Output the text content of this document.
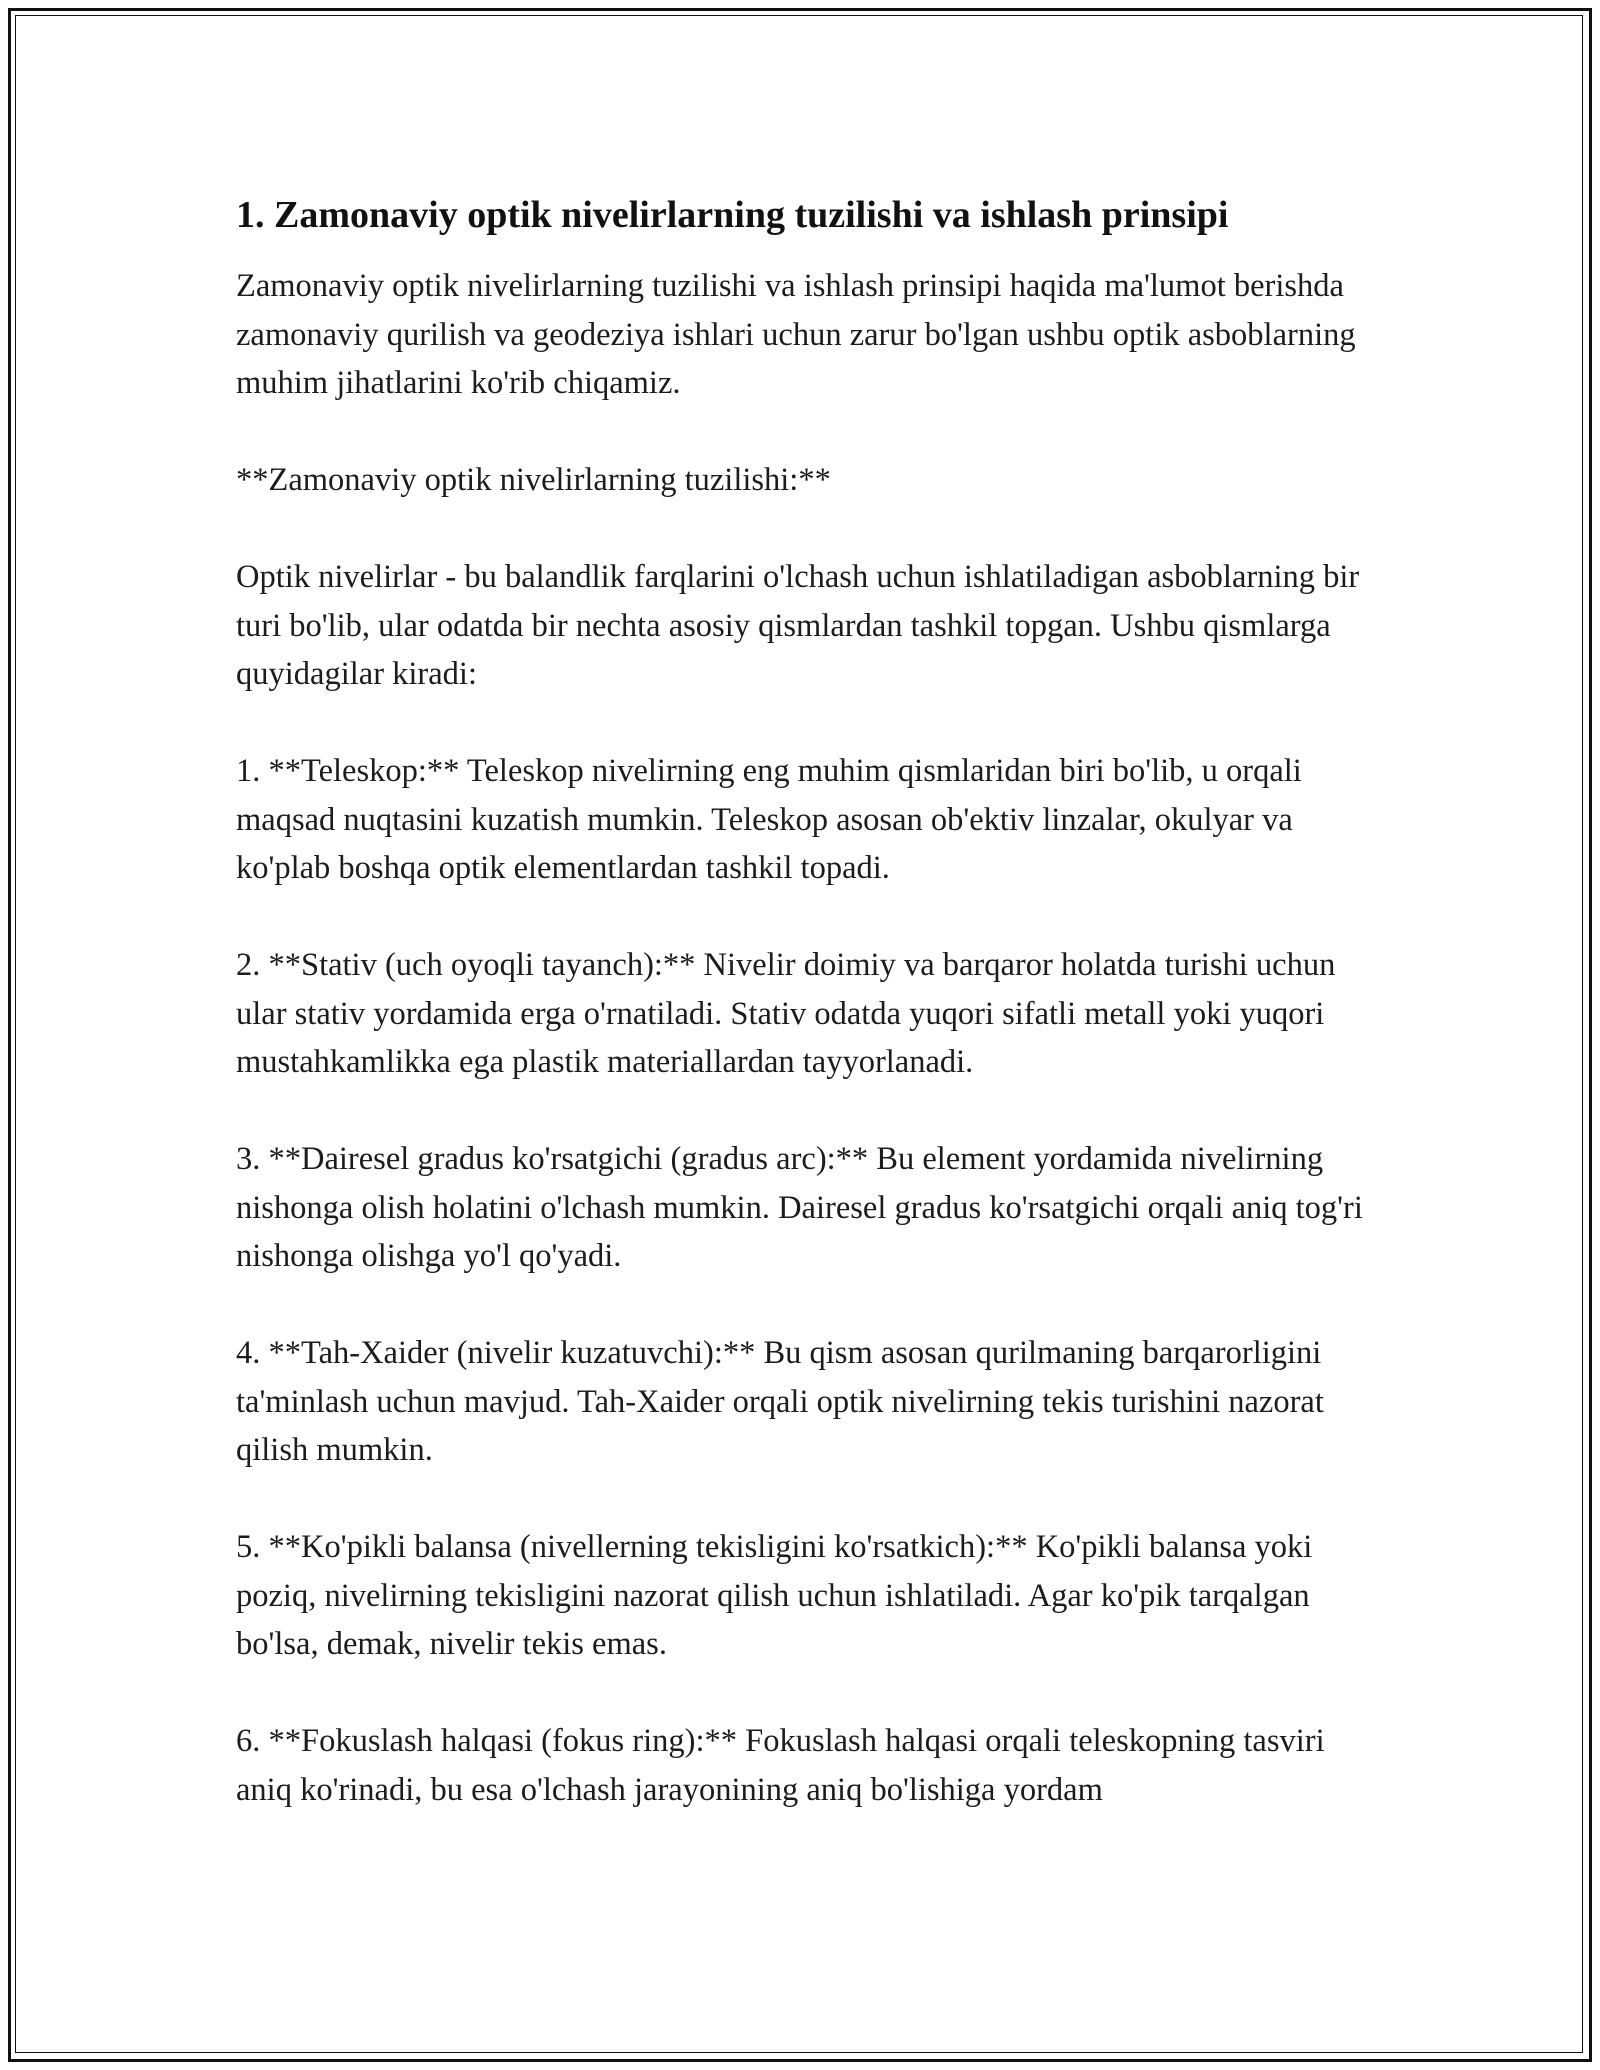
1. Zamonaviy optik nivelirlarning tuzilishi va ishlash prinsipi

Zamonaviy optik nivelirlarning tuzilishi va ishlash prinsipi haqida ma'lumot berishda zamonaviy qurilish va geodeziya ishlari uchun zarur bo'lgan ushbu optik asboblarning muhim jihatlarini ko'rib chiqamiz.

**Zamonaviy optik nivelirlarning tuzilishi:**

Optik nivelirlar - bu balandlik farqlarini o'lchash uchun ishlatiladigan asboblarning bir turi bo'lib, ular odatda bir nechta asosiy qismlardan tashkil topgan. Ushbu qismlarga quyidagilar kiradi:

1. **Teleskop:** Teleskop nivelirning eng muhim qismlaridan biri bo'lib, u orqali maqsad nuqtasini kuzatish mumkin. Teleskop asosan ob'ektiv linzalar, okulyar va ko'plab boshqa optik elementlardan tashkil topadi.

2. **Stativ (uch oyoqli tayanch):** Nivelir doimiy va barqaror holatda turishi uchun ular stativ yordamida erga o'rnatiladi. Stativ odatda yuqori sifatli metall yoki yuqori mustahkamlikka ega plastik materiallardan tayyorlanadi.

3. **Dairesel gradus ko'rsatgichi (gradus arc):** Bu element yordamida nivelirning nishonga olish holatini o'lchash mumkin. Dairesel gradus ko'rsatgichi orqali aniq tog'ri nishonga olishga yo'l qo'yadi.

4. **Tah-Xaider (nivelir kuzatuvchi):** Bu qism asosan qurilmaning barqarorligini ta'minlash uchun mavjud. Tah-Xaider orqali optik nivelirning tekis turishini nazorat qilish mumkin.

5. **Ko'pikli balansa (nivellerning tekisligini ko'rsatkich):** Ko'pikli balansa yoki poziq, nivelirning tekisligini nazorat qilish uchun ishlatiladi. Agar ko'pik tarqalgan bo'lsa, demak, nivelir tekis emas.

6. **Fokuslash halqasi (fokus ring):** Fokuslash halqasi orqali teleskopning tasviri aniq ko'rinadi, bu esa o'lchash jarayonining aniq bo'lishiga yordam
